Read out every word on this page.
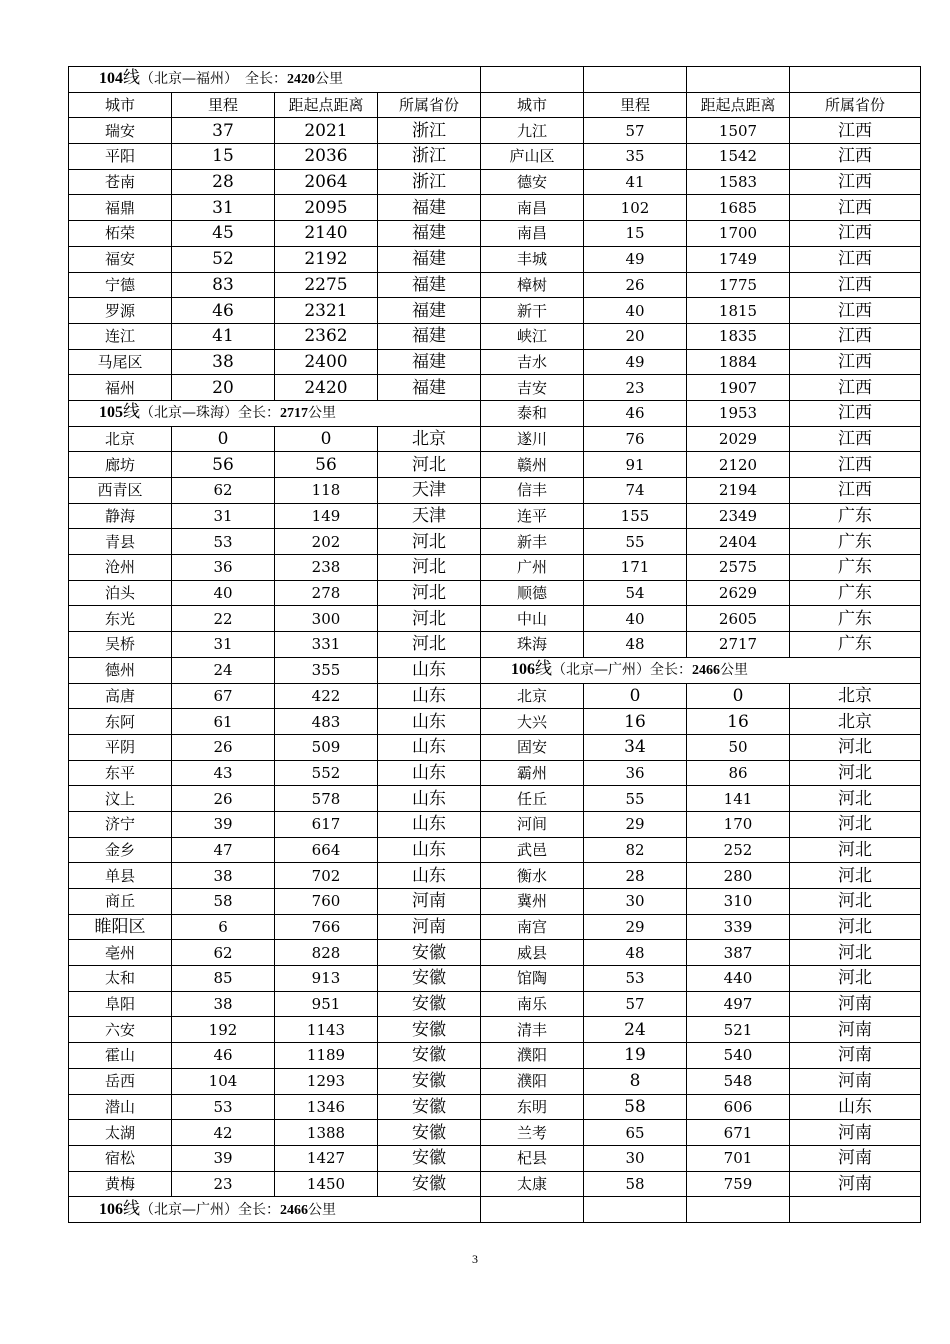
104线（北京—福州）　全长：2420公里							
城市	里程	距起点距离	所属省份	城市	里程	距起点距离	所属省份
瑞安	37	2021	浙江	九江	57	1507	江西
平阳	15	2036	浙江	庐山区	35	1542	江西
苍南	28	2064	浙江	德安	41	1583	江西
福鼎	31	2095	福建	南昌	102	1685	江西
柘荣	45	2140	福建	南昌	15	1700	江西
福安	52	2192	福建	丰城	49	1749	江西
宁德	83	2275	福建	樟树	26	1775	江西
罗源	46	2321	福建	新干	40	1815	江西
连江	41	2362	福建	峡江	20	1835	江西
马尾区	38	2400	福建	吉水	49	1884	江西
福州	20	2420	福建	吉安	23	1907	江西
105线（北京—珠海）全长：2717公里				泰和	46	1953	江西
北京	0	0	北京	遂川	76	2029	江西
廊坊	56	56	河北	赣州	91	2120	江西
西青区	62	118	天津	信丰	74	2194	江西
静海	31	149	天津	连平	155	2349	广东
青县	53	202	河北	新丰	55	2404	广东
沧州	36	238	河北	广州	171	2575	广东
泊头	40	278	河北	顺德	54	2629	广东
东光	22	300	河北	中山	40	2605	广东
吴桥	31	331	河北	珠海	48	2717	广东
德州	24	355	山东	106线（北京—广州）全长：2466公里			
高唐	67	422	山东	北京	0	0	北京
东阿	61	483	山东	大兴	16	16	北京
平阴	26	509	山东	固安	34	50	河北
东平	43	552	山东	霸州	36	86	河北
汶上	26	578	山东	任丘	55	141	河北
济宁	39	617	山东	河间	29	170	河北
金乡	47	664	山东	武邑	82	252	河北
单县	38	702	山东	衡水	28	280	河北
商丘	58	760	河南	冀州	30	310	河北
睢阳区	6	766	河南	南宫	29	339	河北
亳州	62	828	安徽	威县	48	387	河北
太和	85	913	安徽	馆陶	53	440	河北
阜阳	38	951	安徽	南乐	57	497	河南
六安	192	1143	安徽	清丰	24	521	河南
霍山	46	1189	安徽	濮阳	19	540	河南
岳西	104	1293	安徽	濮阳	8	548	河南
潜山	53	1346	安徽	东明	58	606	山东
太湖	42	1388	安徽	兰考	65	671	河南
宿松	39	1427	安徽	杞县	30	701	河南
黄梅	23	1450	安徽	太康	58	759	河南
106线（北京—广州）全长：2466公里							
3
